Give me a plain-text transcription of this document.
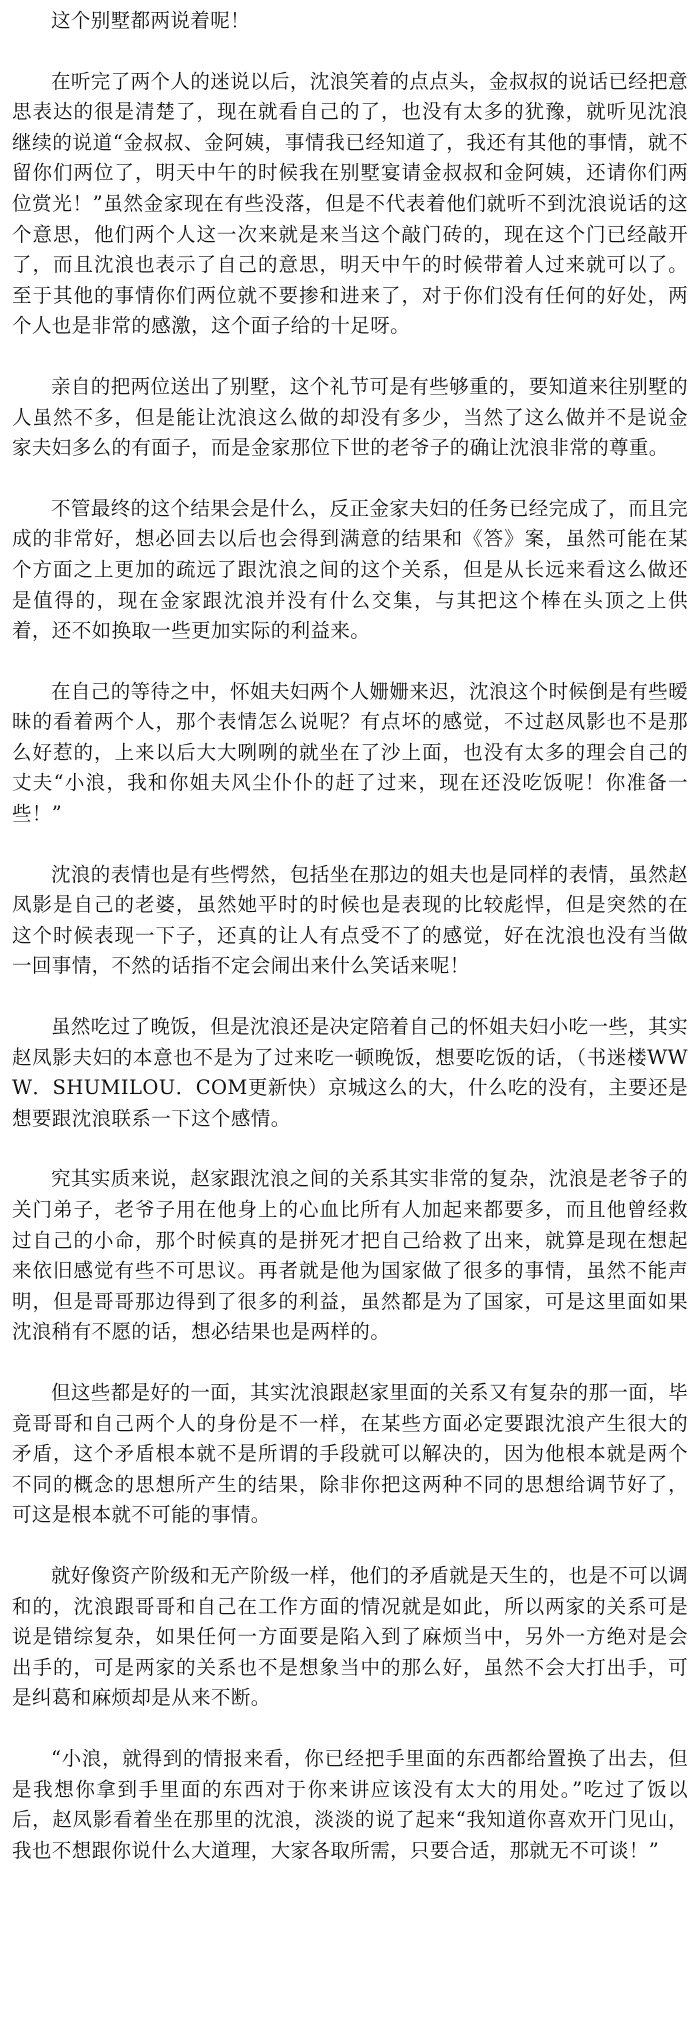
这个别墅都两说着呢！

在听完了两个人的迷说以后，沈浪笑着的点点头，金叔叔的说话已经把意思表达的很是清楚了，现在就看自己的了，也没有太多的犹豫，就听见沈浪继续的说道“金叔叔、金阿姨，事情我已经知道了，我还有其他的事情，就不留你们两位了，明天中午的时候我在别墅宴请金叔叔和金阿姨，还请你们两位赏光！”虽然金家现在有些没落，但是不代表着他们就听不到沈浪说话的这个意思，他们两个人这一次来就是来当这个敲门砖的，现在这个门已经敲开了，而且沈浪也表示了自己的意思，明天中午的时候带着人过来就可以了。至于其他的事情你们两位就不要掺和进来了，对于你们没有任何的好处，两个人也是非常的感激，这个面子给的十足呀。

亲自的把两位送出了别墅，这个礼节可是有些够重的，要知道来往别墅的人虽然不多，但是能让沈浪这么做的却没有多少，当然了这么做并不是说金家夫妇多么的有面子，而是金家那位下世的老爷子的确让沈浪非常的尊重。

不管最终的这个结果会是什么，反正金家夫妇的任务已经完成了，而且完成的非常好，想必回去以后也会得到满意的结果和《答》案，虽然可能在某个方面之上更加的疏远了跟沈浪之间的这个关系，但是从长远来看这么做还是值得的，现在金家跟沈浪并没有什么交集，与其把这个棒在头顶之上供着，还不如换取一些更加实际的利益来。

在自己的等待之中，怀姐夫妇两个人姗姗来迟，沈浪这个时候倒是有些暧昧的看着两个人，那个表情怎么说呢？有点坏的感觉，不过赵凤影也不是那么好惹的，上来以后大大咧咧的就坐在了沙上面，也没有太多的理会自己的丈夫“小浪，我和你姐夫风尘仆仆的赶了过来，现在还没吃饭呢！你准备一些！”

沈浪的表情也是有些愕然，包括坐在那边的姐夫也是同样的表情，虽然赵凤影是自己的老婆，虽然她平时的时候也是表现的比较彪悍，但是突然的在这个时候表现一下子，还真的让人有点受不了的感觉，好在沈浪也没有当做一回事情，不然的话指不定会闹出来什么笑话来呢！

虽然吃过了晚饭，但是沈浪还是决定陪着自己的怀姐夫妇小吃一些，其实赵凤影夫妇的本意也不是为了过来吃一顿晚饭，想要吃饭的话，（书迷楼WWW．SHUMILOU．COM更新快）京城这么的大，什么吃的没有，主要还是想要跟沈浪联系一下这个感情。

究其实质来说，赵家跟沈浪之间的关系其实非常的复杂，沈浪是老爷子的关门弟子，老爷子用在他身上的心血比所有人加起来都要多，而且他曾经救过自己的小命，那个时候真的是拼死才把自己给救了出来，就算是现在想起来依旧感觉有些不可思议。再者就是他为国家做了很多的事情，虽然不能声明，但是哥哥那边得到了很多的利益，虽然都是为了国家，可是这里面如果沈浪稍有不愿的话，想必结果也是两样的。

但这些都是好的一面，其实沈浪跟赵家里面的关系又有复杂的那一面，毕竟哥哥和自己两个人的身份是不一样，在某些方面必定要跟沈浪产生很大的矛盾，这个矛盾根本就不是所谓的手段就可以解决的，因为他根本就是两个不同的概念的思想所产生的结果，除非你把这两种不同的思想给调节好了，可这是根本就不可能的事情。

就好像资产阶级和无产阶级一样，他们的矛盾就是天生的，也是不可以调和的，沈浪跟哥哥和自己在工作方面的情况就是如此，所以两家的关系可是说是错综复杂，如果任何一方面要是陷入到了麻烦当中，另外一方绝对是会出手的，可是两家的关系也不是想象当中的那么好，虽然不会大打出手，可是纠葛和麻烦却是从来不断。

“小浪，就得到的情报来看，你已经把手里面的东西都给置换了出去，但是我想你拿到手里面的东西对于你来讲应该没有太大的用处。”吃过了饭以后，赵凤影看着坐在那里的沈浪，淡淡的说了起来“我知道你喜欢开门见山，我也不想跟你说什么大道理，大家各取所需，只要合适，那就无不可谈！”
